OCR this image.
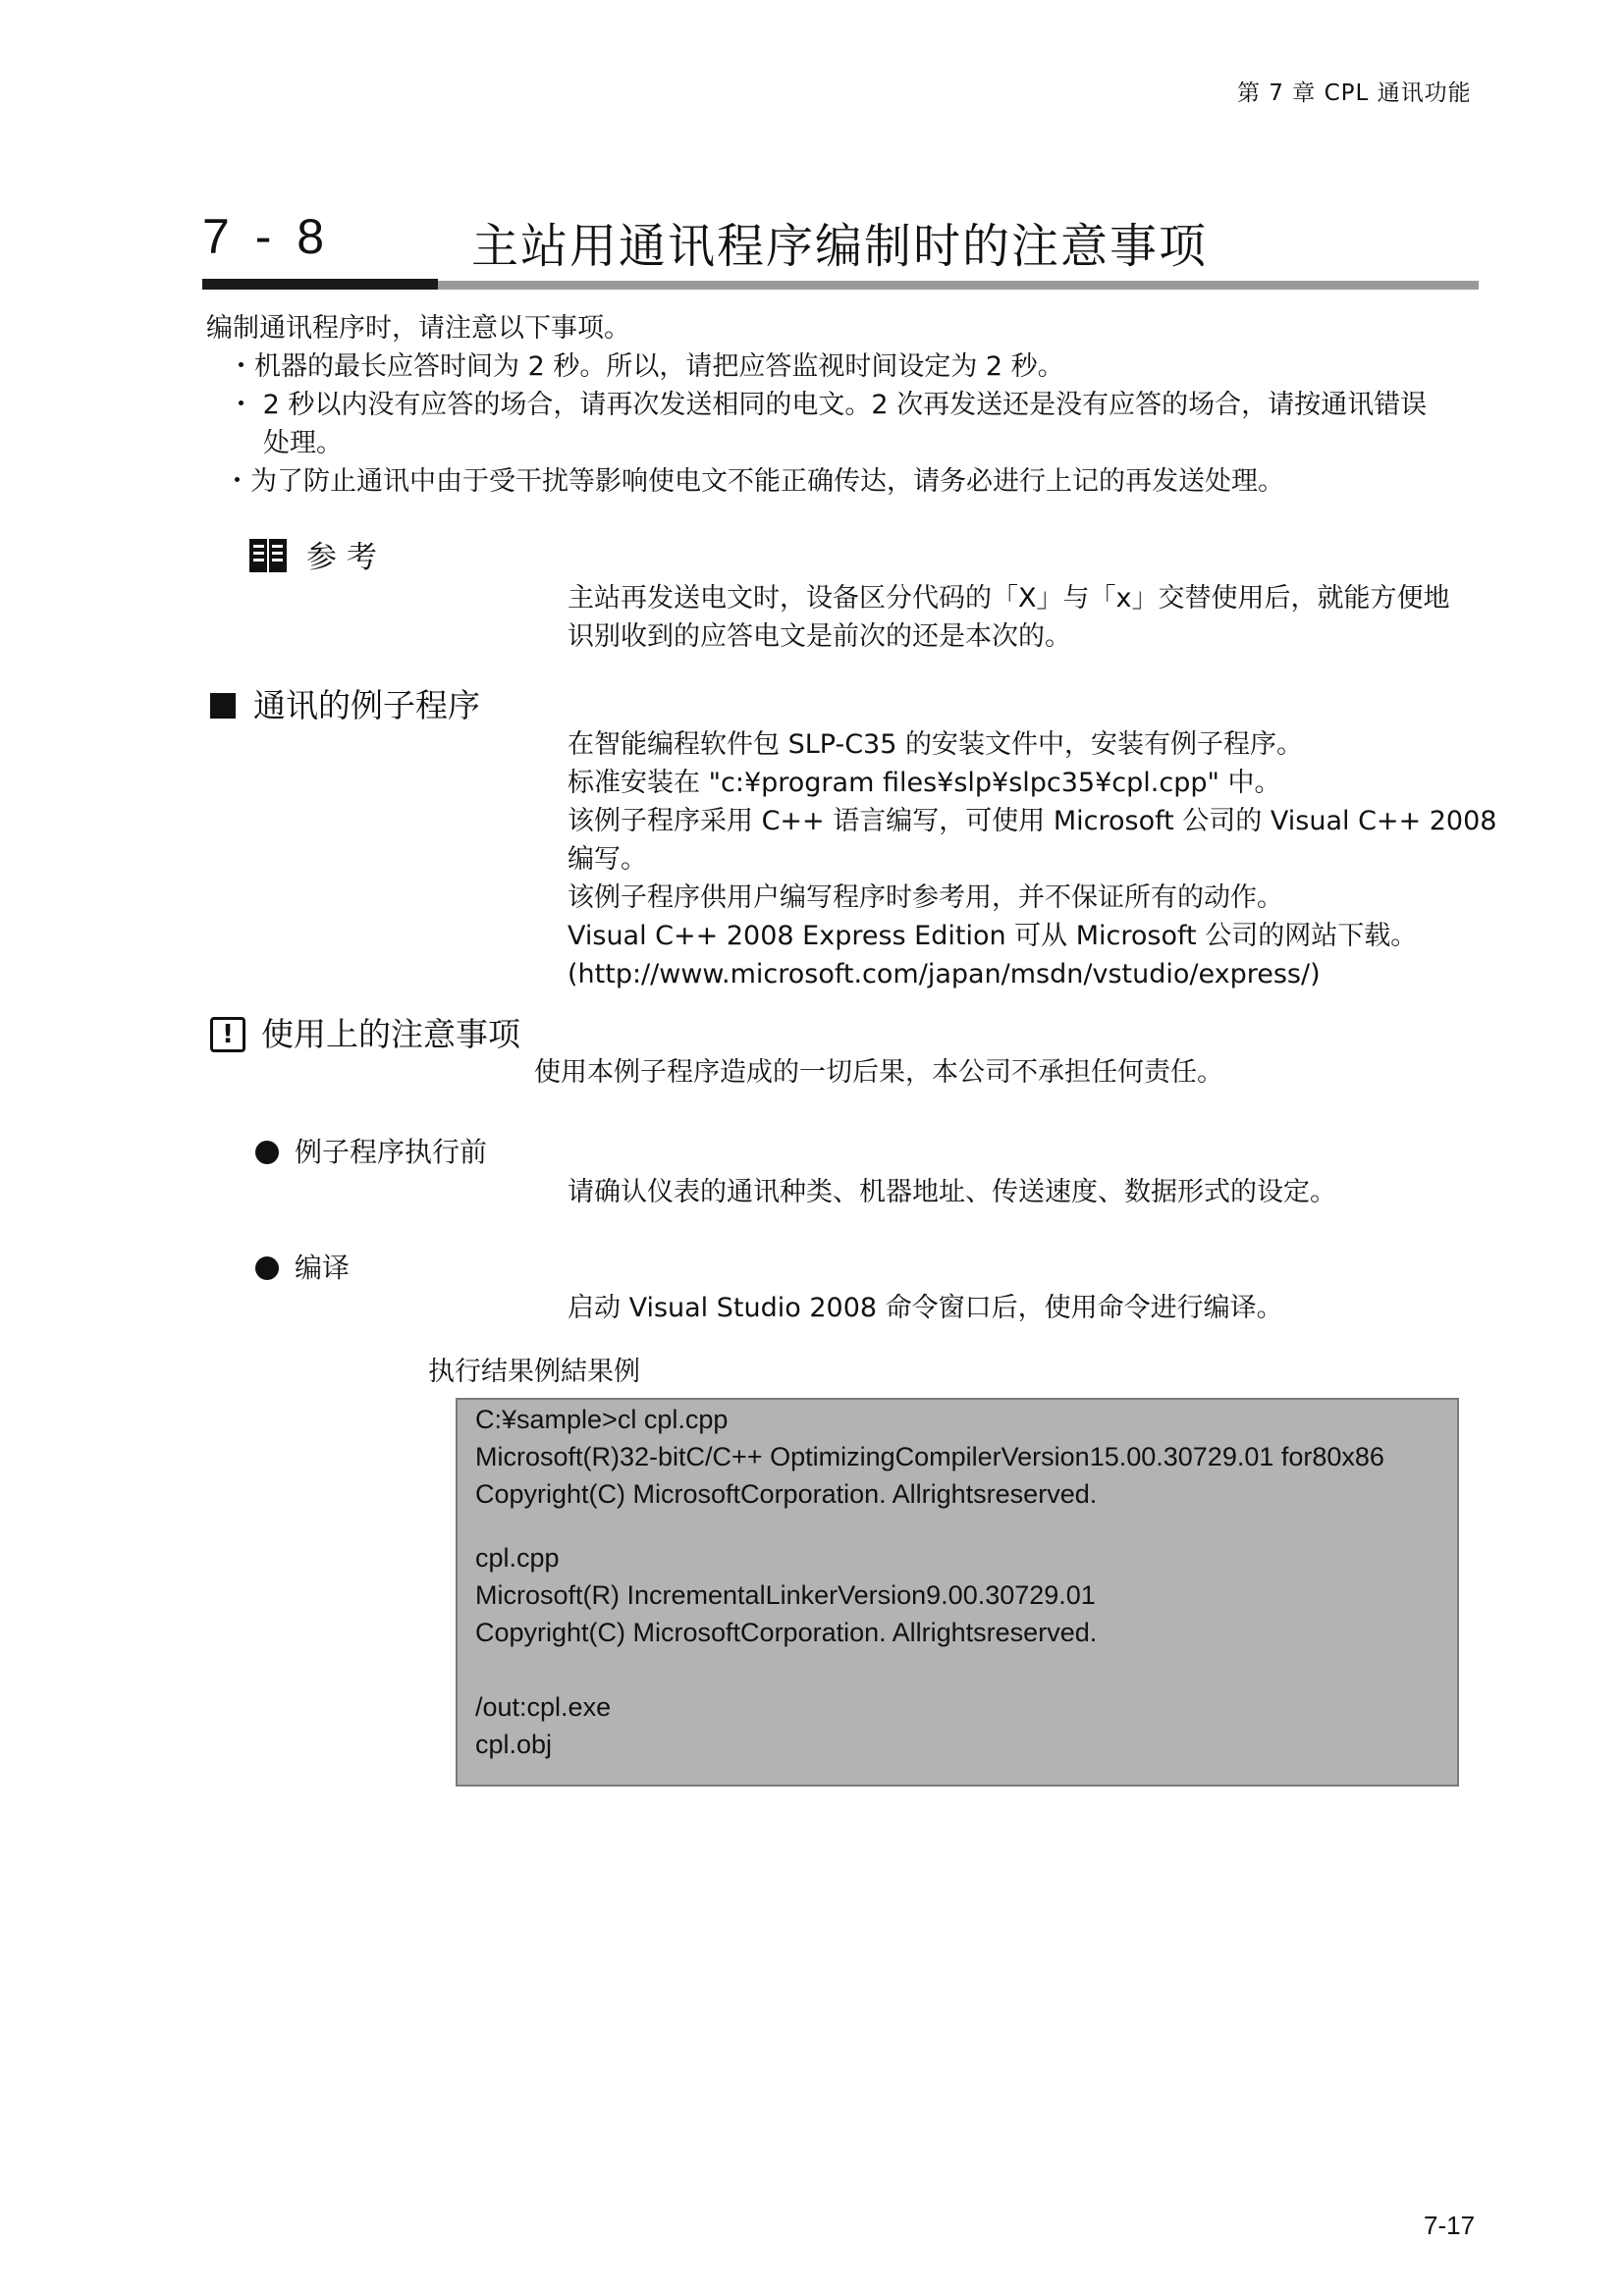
第 7 章 CPL 通讯功能
7 - 8	主站用通讯程序编制时的注意事项
编制通讯程序时，请注意以下事项。
・机器的最长应答时间为 2 秒。所以，请把应答监视时间设定为 2 秒。
・ 2 秒以内没有应答的场合，请再次发送相同的电文。2 次再发送还是没有应答的场合，请按通讯错误
处理。
・为了防止通讯中由于受干扰等影响使电文不能正确传达，请务必进行上记的再发送处理。
参 考
主站再发送电文时，设备区分代码的「X」与「x」交替使用后，就能方便地
识别收到的应答电文是前次的还是本次的。
通讯的例子程序
在智能编程软件包 SLP-C35 的安装文件中，安装有例子程序。
标准安装在 "c:¥program files¥slp¥slpc35¥cpl.cpp" 中。
该例子程序采用 C++ 语言编写，可使用 Microsoft 公司的 Visual C++ 2008
编写。
该例子程序供用户编写程序时参考用，并不保证所有的动作。
Visual C++ 2008 Express Edition 可从 Microsoft 公司的网站下载。
(http://www.microsoft.com/japan/msdn/vstudio/express/)
! 使用上的注意事项
使用本例子程序造成的一切后果，本公司不承担任何责任。
例子程序执行前
请确认仪表的通讯种类、机器地址、传送速度、数据形式的设定。
编译
启动 Visual Studio 2008 命令窗口后，使用命令进行编译。
执行结果例結果例
C:¥sample>cl cpl.cpp
Microsoft(R)32-bitC/C++ OptimizingCompilerVersion15.00.30729.01 for80x86
Copyright(C) MicrosoftCorporation. Allrightsreserved.
cpl.cpp
Microsoft(R) IncrementalLinkerVersion9.00.30729.01
Copyright(C) MicrosoftCorporation. Allrightsreserved.
/out:cpl.exe
cpl.obj
7-17
